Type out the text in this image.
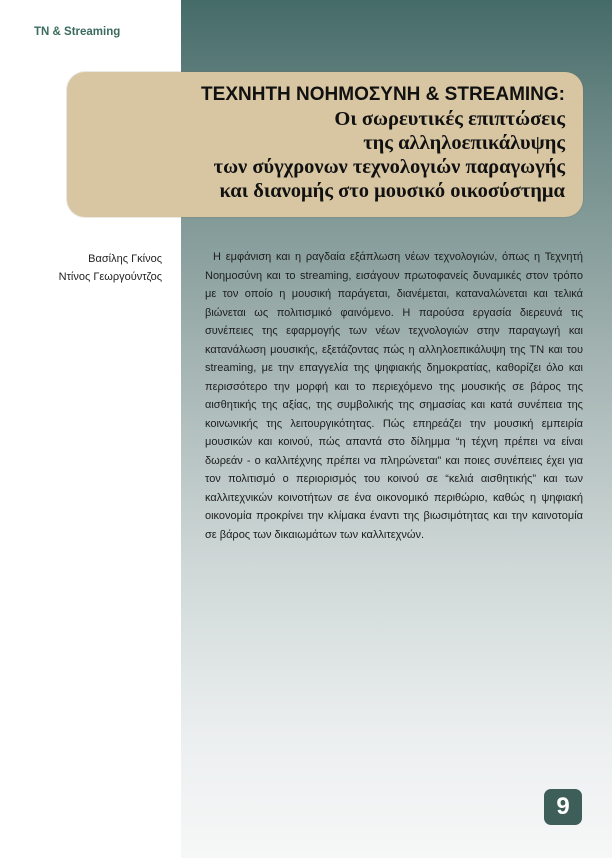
TN & Streaming
ΤΕΧΝΗΤΗ ΝΟΗΜΟΣΥΝΗ & STREAMING:
Οι σωρευτικές επιπτώσεις
της αλληλοεπικάλυψης
των σύγχρονων τεχνολογιών παραγωγής
και διανομής στο μουσικό οικοσύστημα
Βασίλης Γκίνος
Ντίνος Γεωργούντζος
Η εμφάνιση και η ραγδαία εξάπλωση νέων τεχνολογιών, όπως η Τεχνητή Νοημοσύνη και το streaming, εισάγουν πρωτοφανείς δυναμικές στον τρόπο με τον οποίο η μουσική παράγεται, διανέμεται, καταναλώνεται και τελικά βιώνεται ως πολιτισμικό φαινόμενο. Η παρούσα εργασία διερευνά τις συνέπειες της εφαρμογής των νέων τεχνολογιών στην παραγωγή και κατανάλωση μουσικής, εξετάζοντας πώς η αλληλοεπικάλυψη της ΤΝ και του streaming, με την επαγγελία της ψηφιακής δημοκρατίας, καθορίζει όλο και περισσότερο την μορφή και το περιεχόμενο της μουσικής σε βάρος της αισθητικής της αξίας, της συμβολικής της σημασίας και κατά συνέπεια της κοινωνικής της λειτουργικότητας. Πώς επηρεάζει την μουσική εμπειρία μουσικών και κοινού, πώς απαντά στο δίλημμα “η τέχνη πρέπει να είναι δωρεάν - ο καλλιτέχνης πρέπει να πληρώνεται" και ποιες συνέπειες έχει για τον πολιτισμό ο περιορισμός του κοινού σε “κελιά αισθητικής” και των καλλιτεχνικών κοινοτήτων σε ένα οικονομικό περιθώριο, καθώς η ψηφιακή οικονομία προκρίνει την κλίμακα έναντι της βιωσιμότητας και την καινοτομία σε βάρος των δικαιωμάτων των καλλιτεχνών.
9
